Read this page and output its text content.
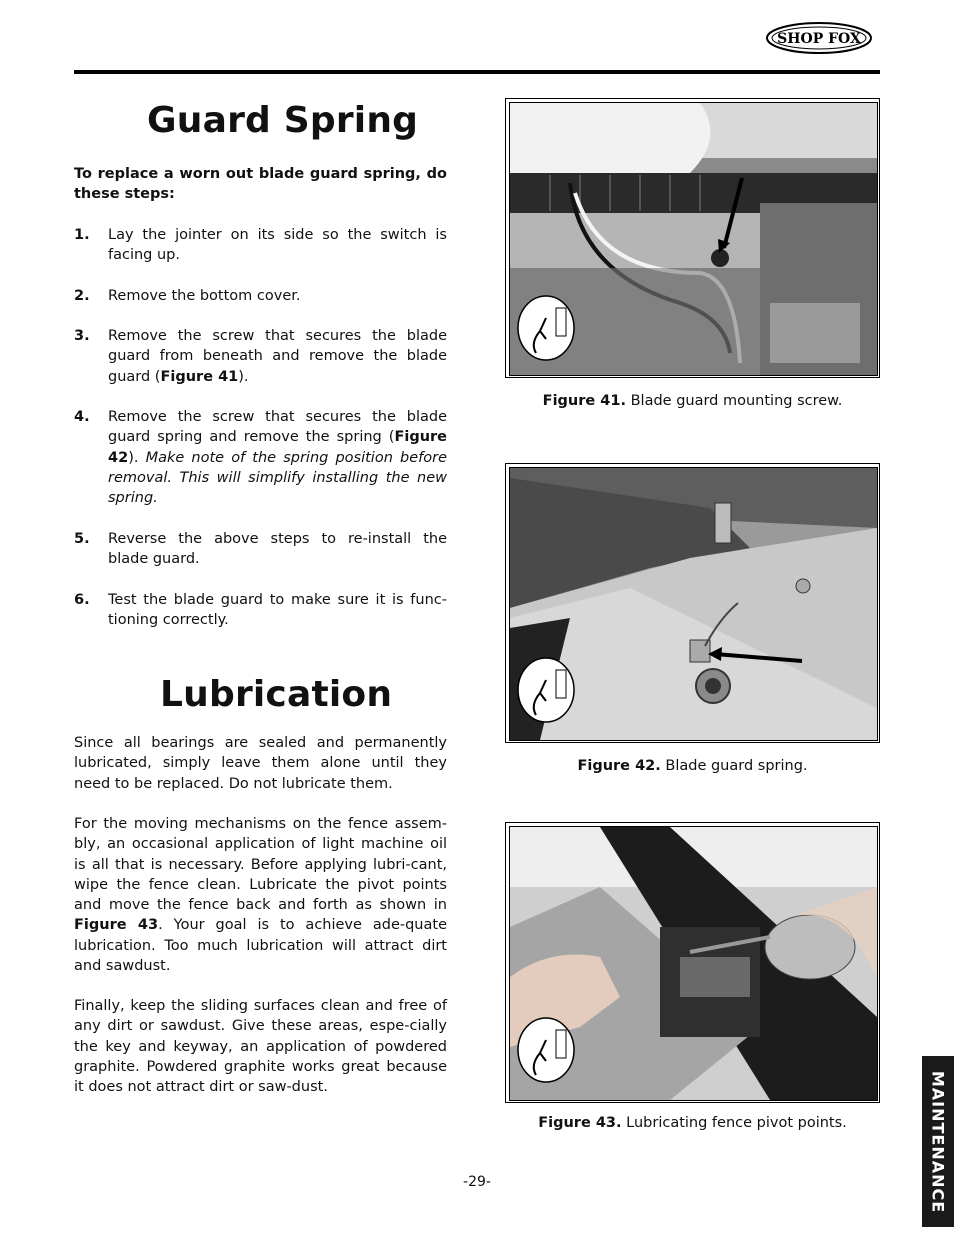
SHOP FOX
Guard Spring
To replace a worn out blade guard spring, do these steps:
1. Lay the jointer on its side so the switch is facing up.
2. Remove the bottom cover.
3. Remove the screw that secures the blade guard from beneath and remove the blade guard (Figure 41).
4. Remove the screw that secures the blade guard spring and remove the spring (Figure 42). Make note of the spring position before removal. This will simplify installing the new spring.
5. Reverse the above steps to re-install the blade guard.
6. Test the blade guard to make sure it is func-tioning correctly.
Lubrication
Since all bearings are sealed and permanently lubricated, simply leave them alone until they need to be replaced. Do not lubricate them.
For the moving mechanisms on the fence assem-bly, an occasional application of light machine oil is all that is necessary. Before applying lubri-cant, wipe the fence clean. Lubricate the pivot points and move the fence back and forth as shown in Figure 43. Your goal is to achieve ade-quate lubrication. Too much lubrication will attract dirt and sawdust.
Finally, keep the sliding surfaces clean and free of any dirt or sawdust. Give these areas, espe-cially the key and keyway, an application of powdered graphite. Powdered graphite works great because it does not attract dirt or saw-dust.
Figure 41. Blade guard mounting screw.
Figure 42. Blade guard spring.
Figure 43. Lubricating fence pivot points.	MAINTENANCE
-29-
